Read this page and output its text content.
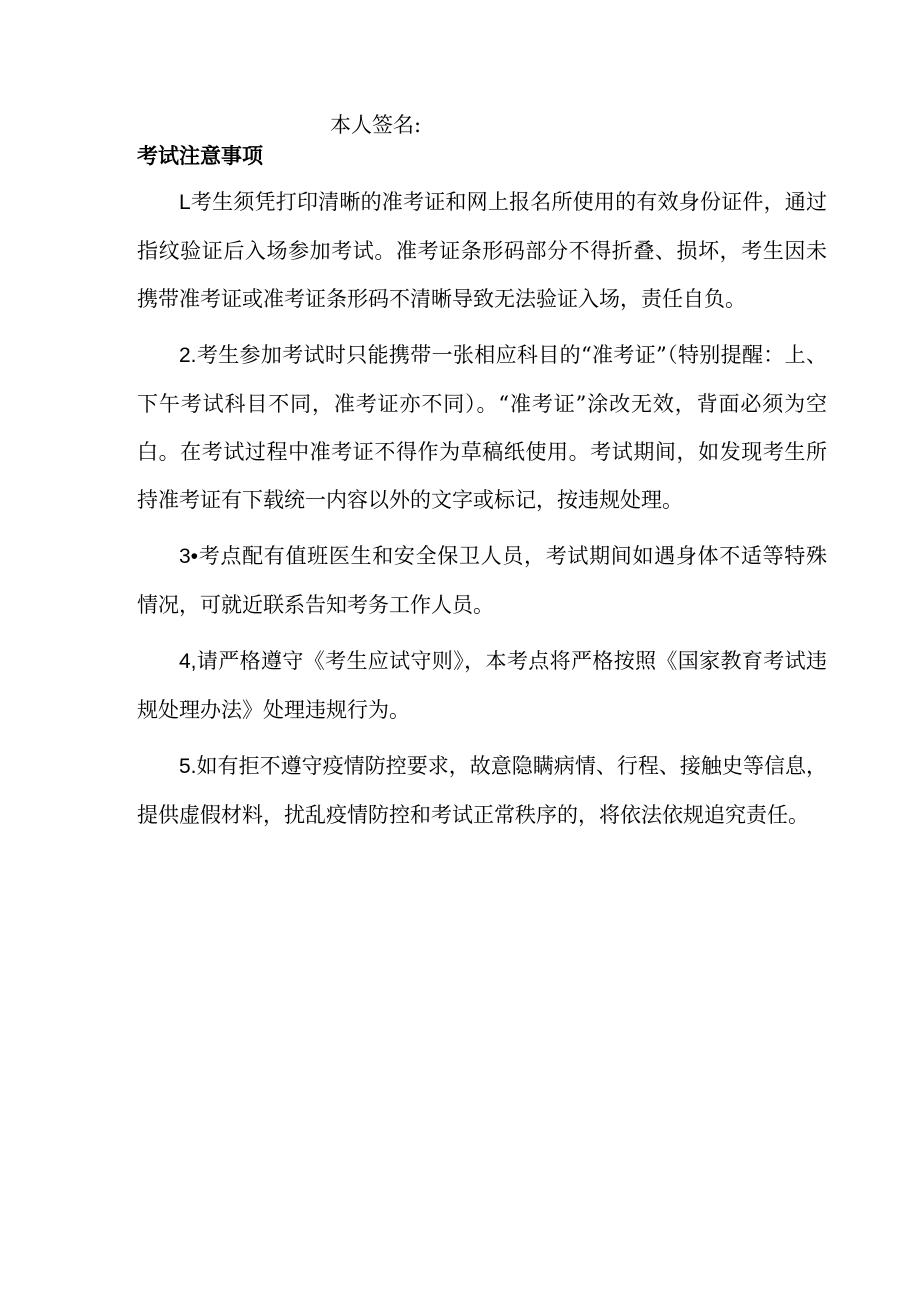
本人签名:
考试注意事项

L考生须凭打印清晰的准考证和网上报名所使用的有效身份证件，通过指纹验证后入场参加考试。准考证条形码部分不得折叠、损坏，考生因未携带准考证或准考证条形码不清晰导致无法验证入场，责任自负。

2.考生参加考试时只能携带一张相应科目的“准考证”（特别提醒：上、下午考试科目不同，准考证亦不同）。“准考证”涂改无效，背面必须为空白。在考试过程中准考证不得作为草稿纸使用。考试期间，如发现考生所持准考证有下载统一内容以外的文字或标记，按违规处理。

3•考点配有值班医生和安全保卫人员，考试期间如遇身体不适等特殊情况，可就近联系告知考务工作人员。

4,请严格遵守《考生应试守则》，本考点将严格按照《国家教育考试违规处理办法》处理违规行为。

5.如有拒不遵守疫情防控要求，故意隐瞒病情、行程、接触史等信息，提供虚假材料，扰乱疫情防控和考试正常秩序的，将依法依规追究责任。
